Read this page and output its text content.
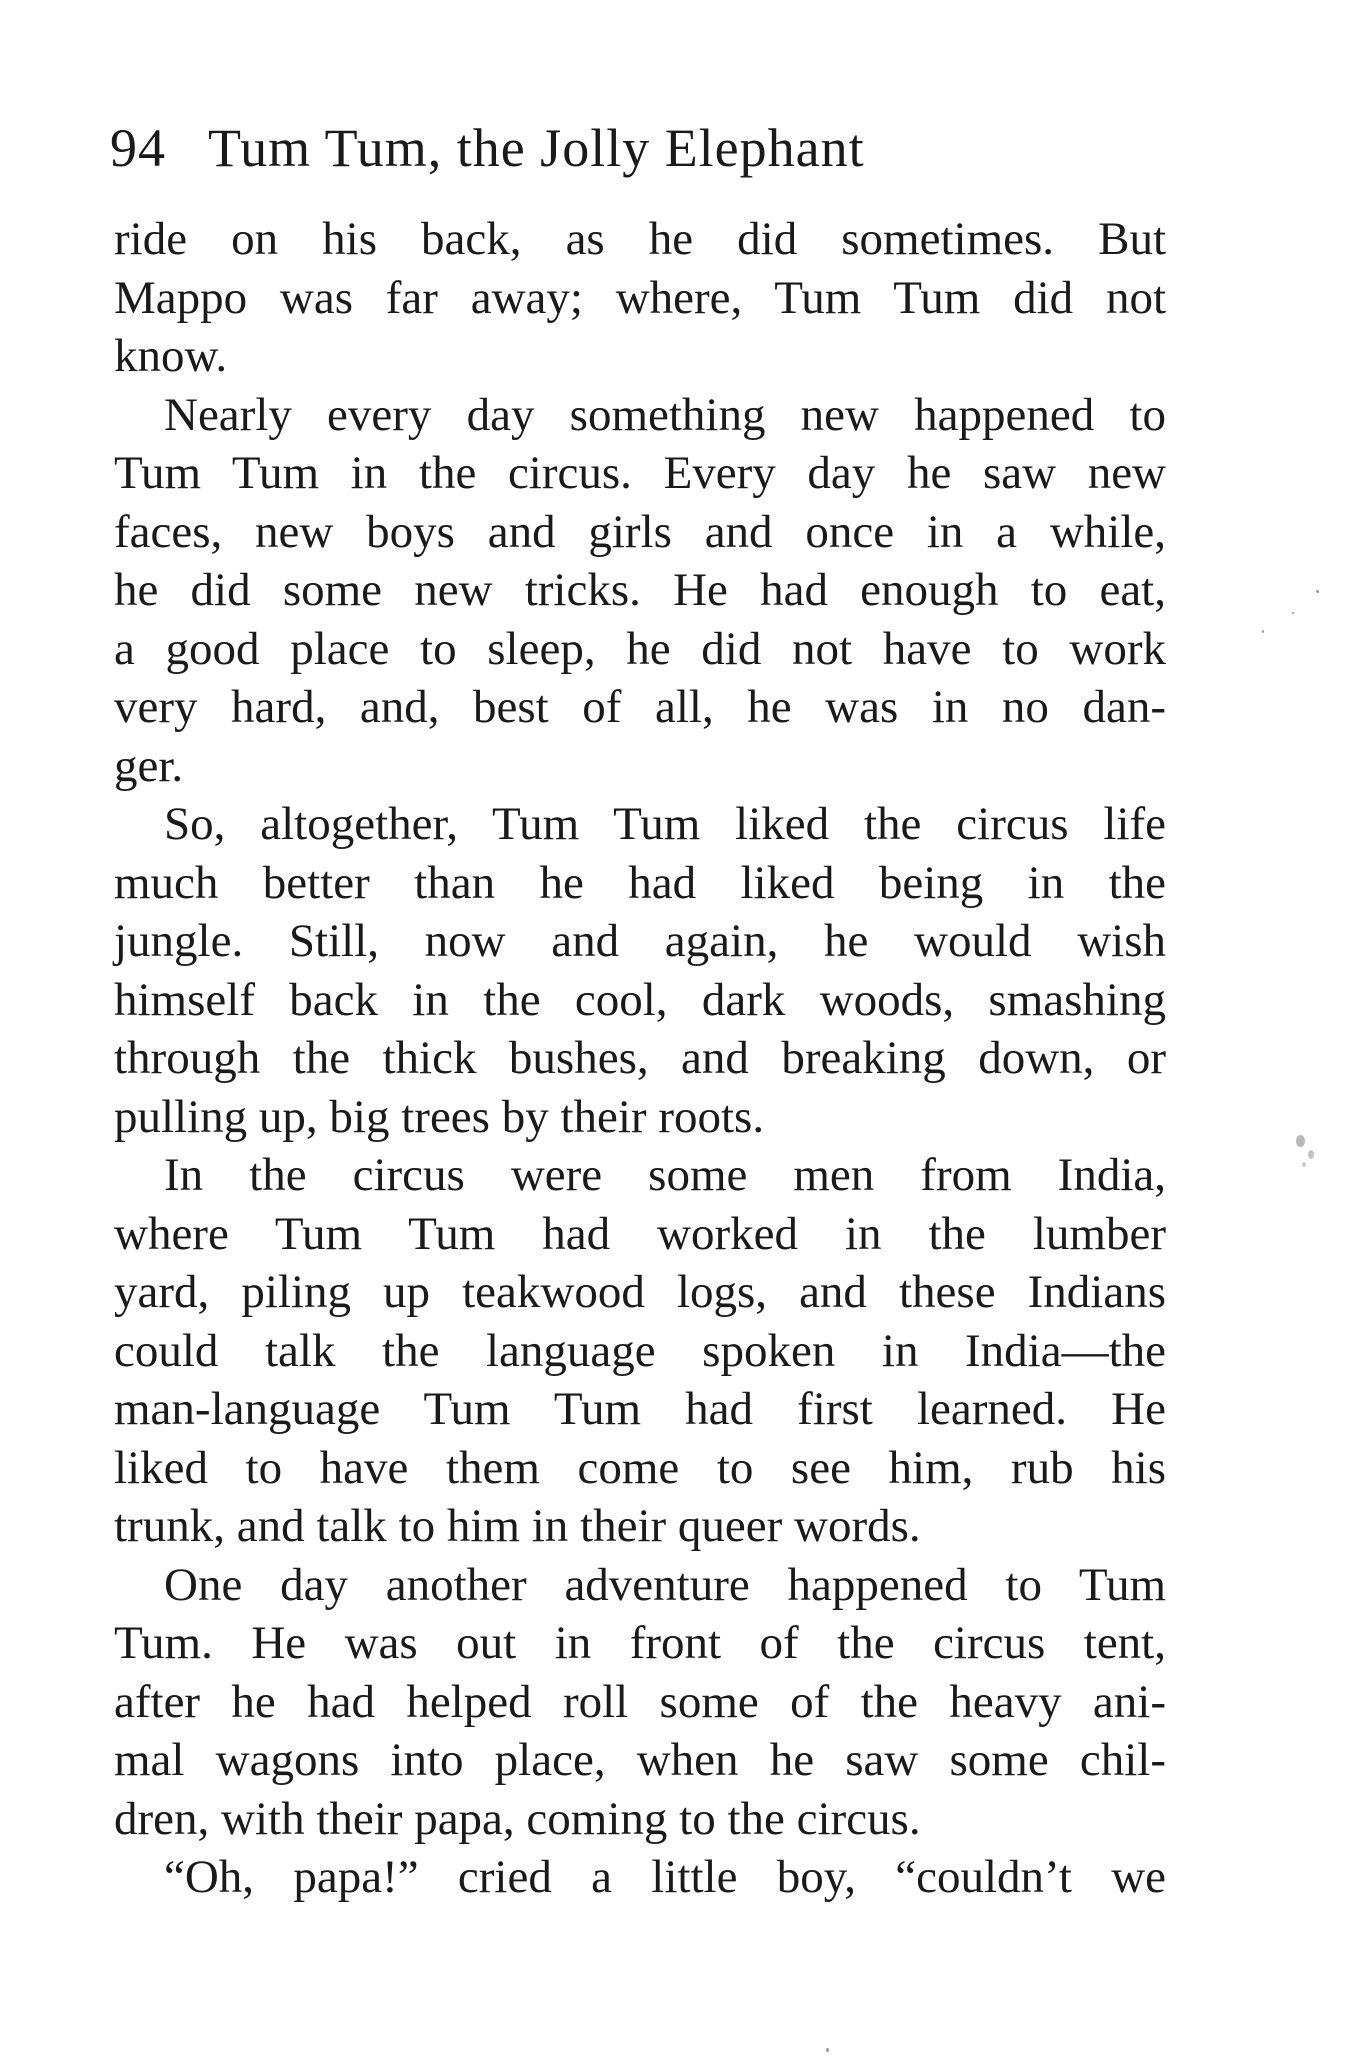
94 Tum Tum, the Jolly Elephant
ride on his back, as he did sometimes. But
Mappo was far away; where, Tum Tum did not
know.
Nearly every day something new happened to
Tum Tum in the circus. Every day he saw new
faces, new boys and girls and once in a while,
he did some new tricks. He had enough to eat,
a good place to sleep, he did not have to work
very hard, and, best of all, he was in no dan-
ger.
So, altogether, Tum Tum liked the circus life
much better than he had liked being in the
jungle. Still, now and again, he would wish
himself back in the cool, dark woods, smashing
through the thick bushes, and breaking down, or
pulling up, big trees by their roots.
In the circus were some men from India,
where Tum Tum had worked in the lumber
yard, piling up teakwood logs, and these Indians
could talk the language spoken in India—the
man-language Tum Tum had first learned. He
liked to have them come to see him, rub his
trunk, and talk to him in their queer words.
One day another adventure happened to Tum
Tum. He was out in front of the circus tent,
after he had helped roll some of the heavy ani-
mal wagons into place, when he saw some chil-
dren, with their papa, coming to the circus.
“Oh, papa!” cried a little boy, “couldn’t we
